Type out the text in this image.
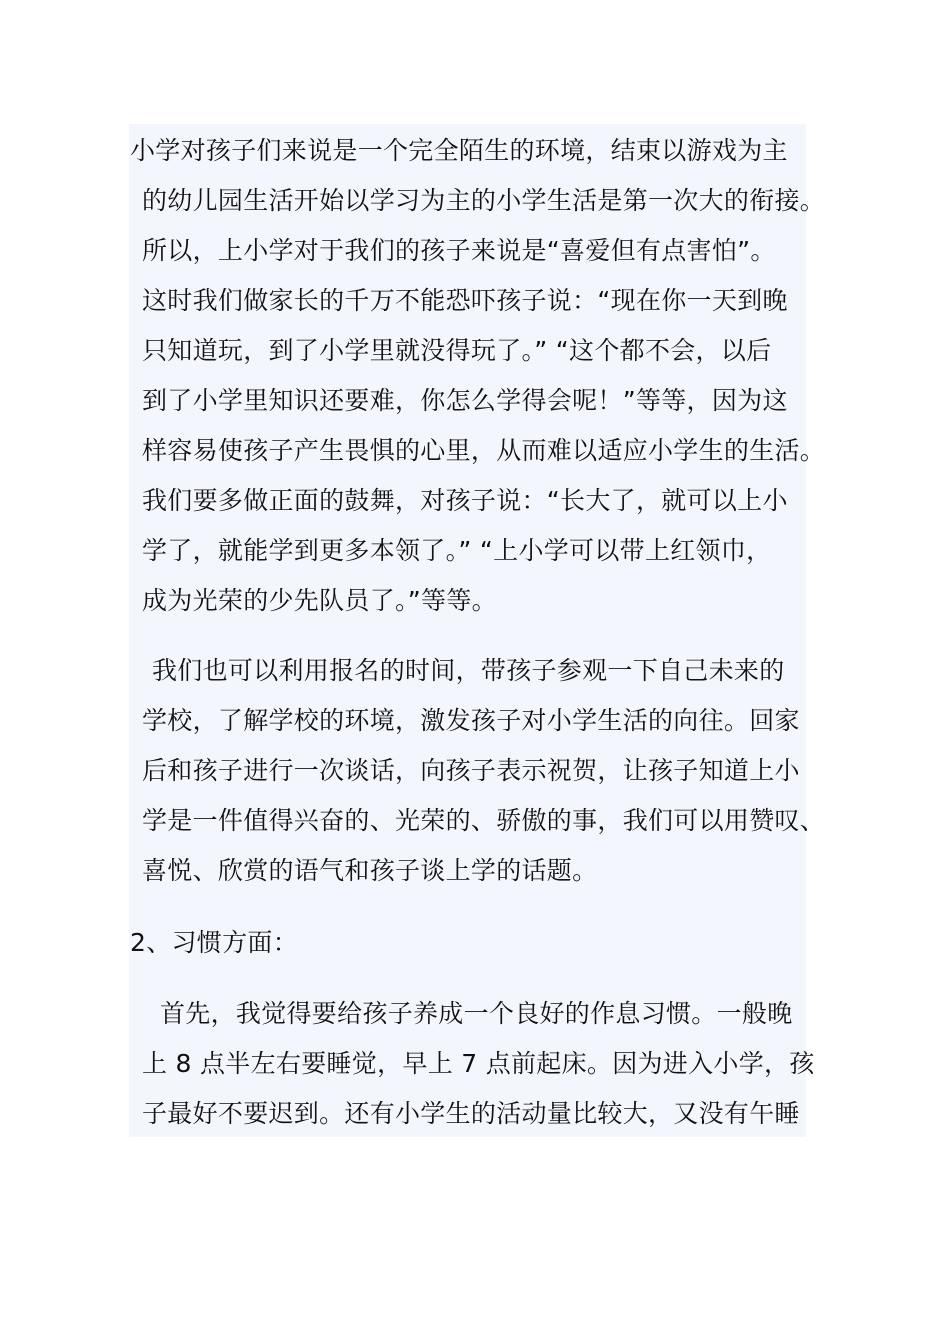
小学对孩子们来说是一个完全陌生的环境，结束以游戏为主
的幼儿园生活开始以学习为主的小学生活是第一次大的衔接。
所以，上小学对于我们的孩子来说是“喜爱但有点害怕”。
这时我们做家长的千万不能恐吓孩子说：“现在你一天到晚
只知道玩，到了小学里就没得玩了。” “这个都不会，以后
到了小学里知识还要难，你怎么学得会呢！”等等，因为这
样容易使孩子产生畏惧的心里，从而难以适应小学生的生活。
我们要多做正面的鼓舞，对孩子说：“长大了，就可以上小
学了，就能学到更多本领了。” “上小学可以带上红领巾，
成为光荣的少先队员了。”等等。
我们也可以利用报名的时间，带孩子参观一下自己未来的
学校，了解学校的环境，激发孩子对小学生活的向往。回家
后和孩子进行一次谈话，向孩子表示祝贺，让孩子知道上小
学是一件值得兴奋的、光荣的、骄傲的事，我们可以用赞叹、
喜悦、欣赏的语气和孩子谈上学的话题。
2、习惯方面：
首先，我觉得要给孩子养成一个良好的作息习惯。一般晚
上 8 点半左右要睡觉，早上 7 点前起床。因为进入小学，孩
子最好不要迟到。还有小学生的活动量比较大，又没有午睡
